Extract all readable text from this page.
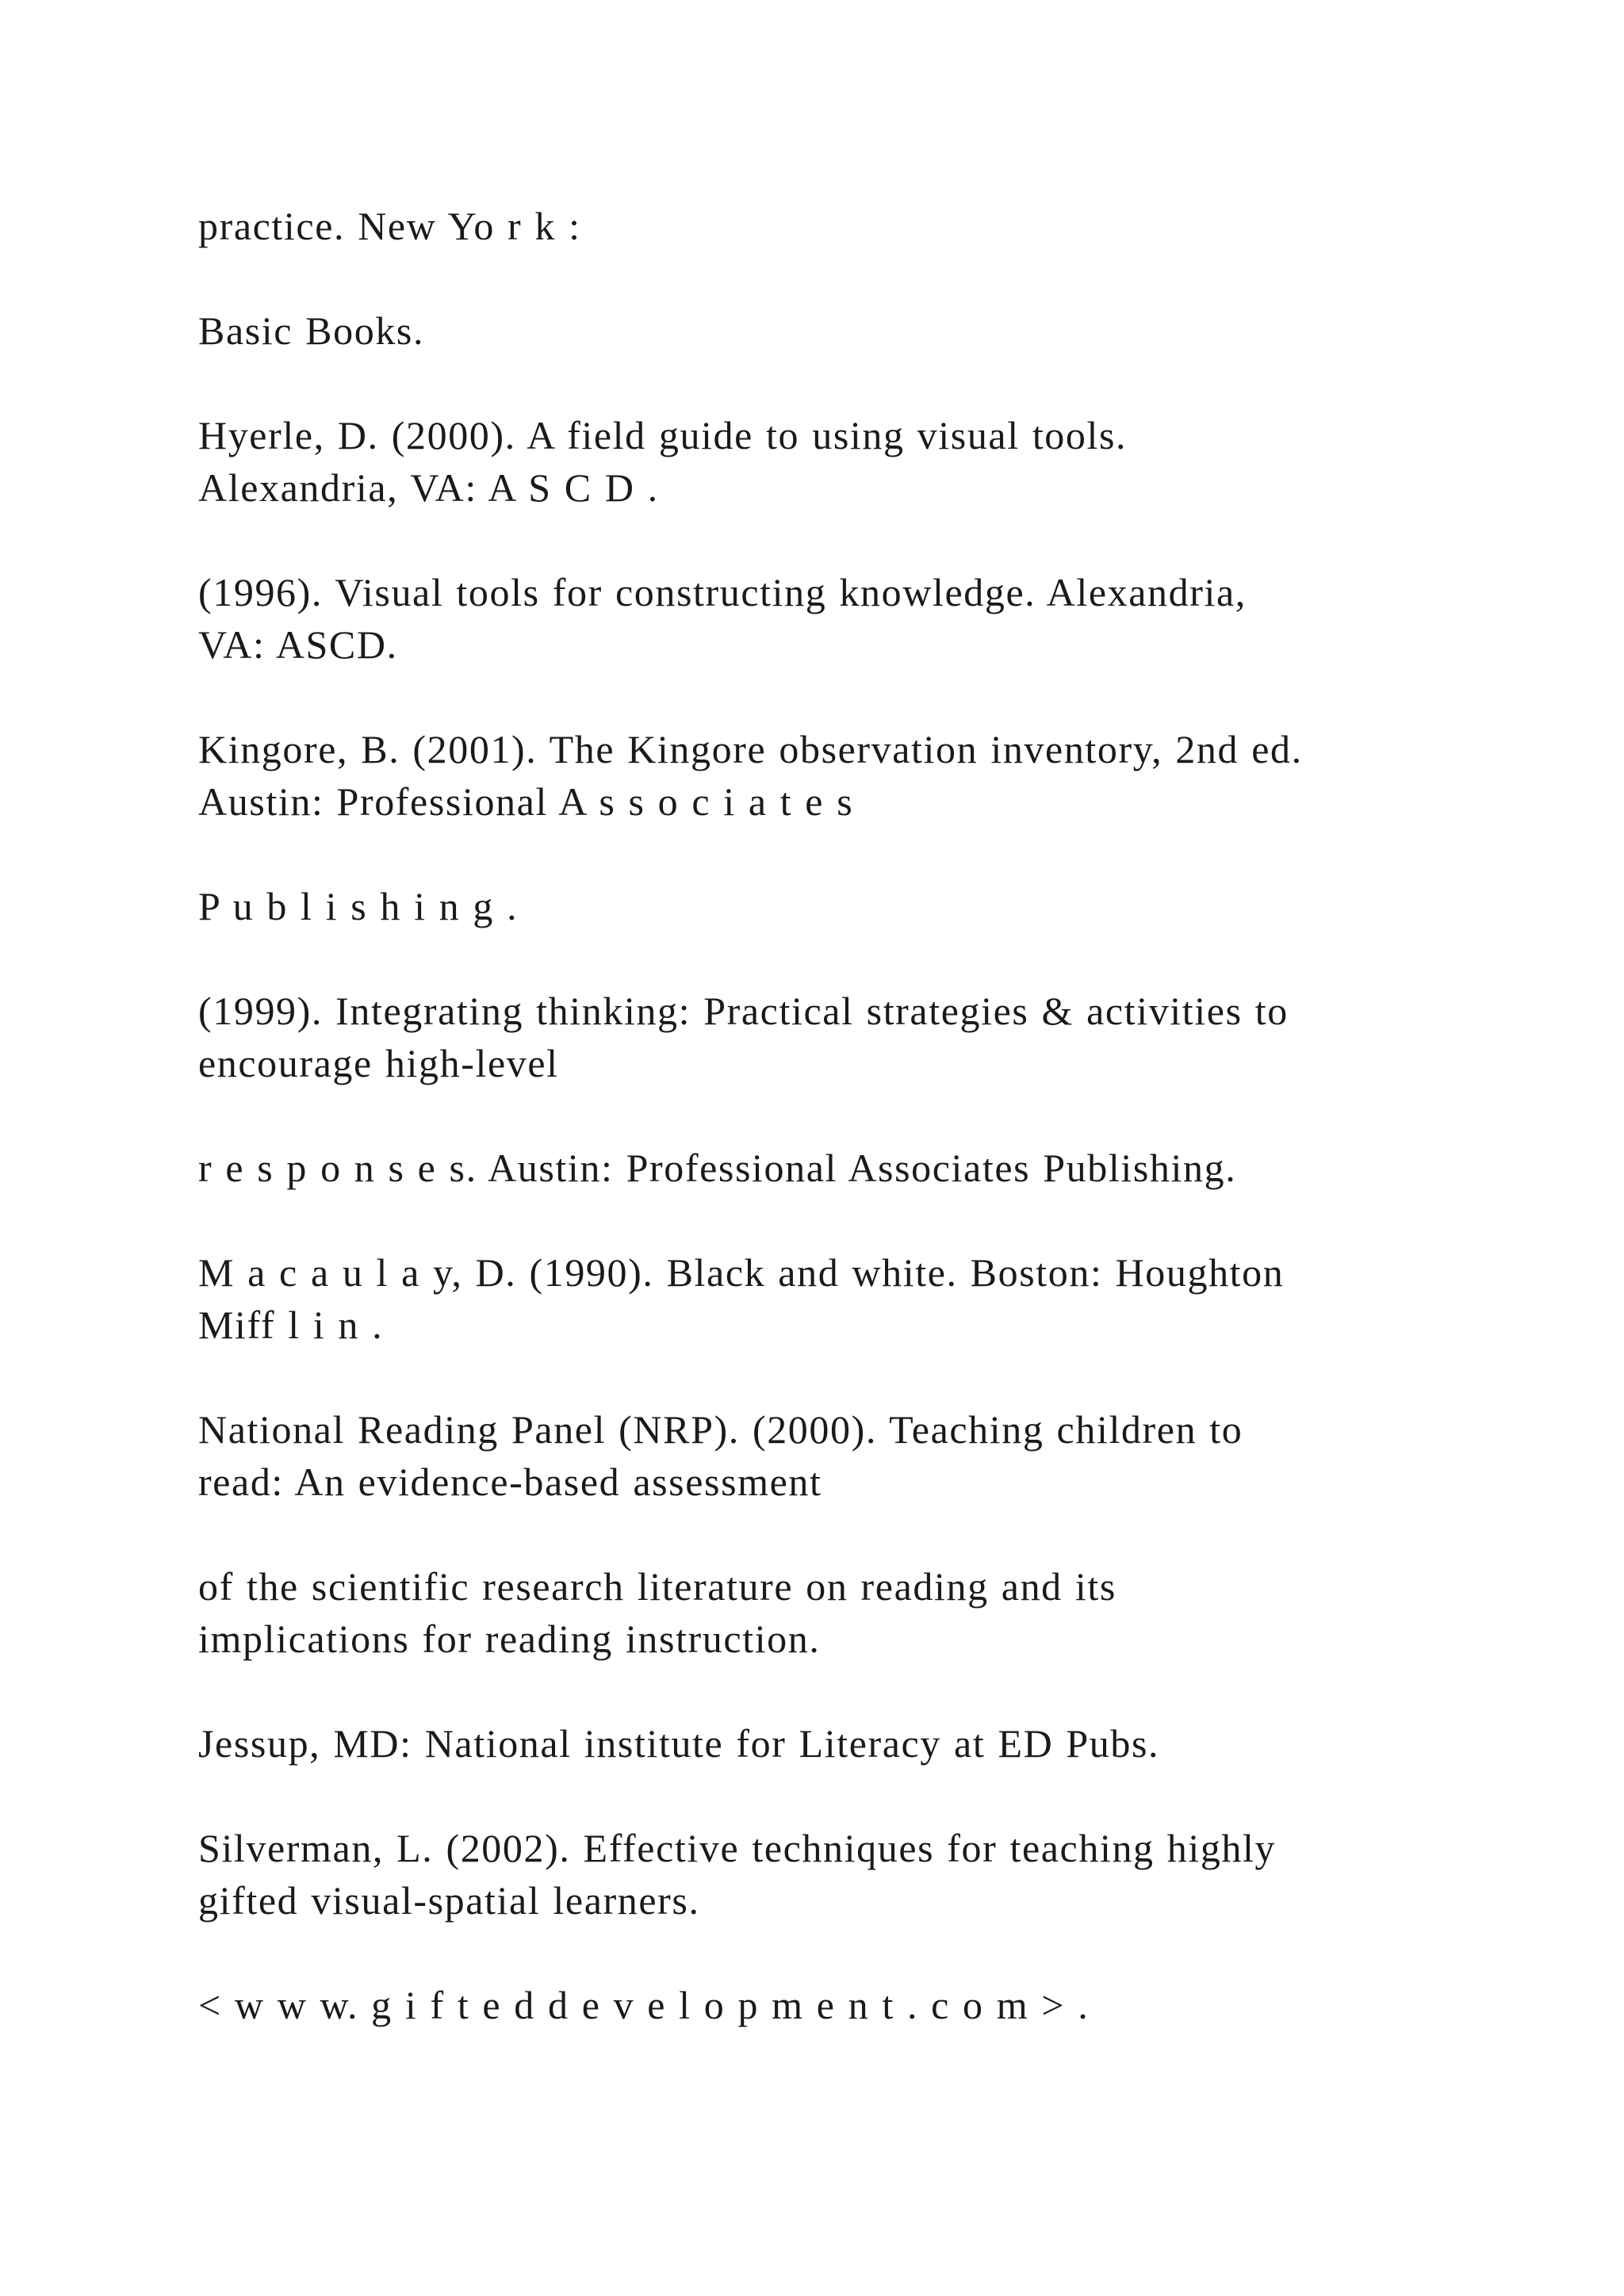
practice. New Yo r k :

Basic Books.

Hyerle, D. (2000). A field guide to using visual tools.
Alexandria, VA: A S C D .

(1996). Visual tools for constructing knowledge. Alexandria,
VA: ASCD.

Kingore, B. (2001). The Kingore observation inventory, 2nd ed.
Austin: Professional A s s o c i a t e s

P u b l i s h i n g .

(1999). Integrating thinking: Practical strategies & activities to
encourage high-level

r e s p o n s e s. Austin: Professional Associates Publishing.

M a c a u l a y, D. (1990). Black and white. Boston: Houghton
Miff l i n .

National Reading Panel (NRP). (2000). Teaching children to
read: An evidence-based assessment

of the scientific research literature on reading and its
implications for reading instruction.

Jessup, MD: National institute for Literacy at ED Pubs.

Silverman, L. (2002). Effective techniques for teaching highly
gifted visual-spatial learners.

< w w w. g i f t e d d e v e l o p m e n t . c o m > .
